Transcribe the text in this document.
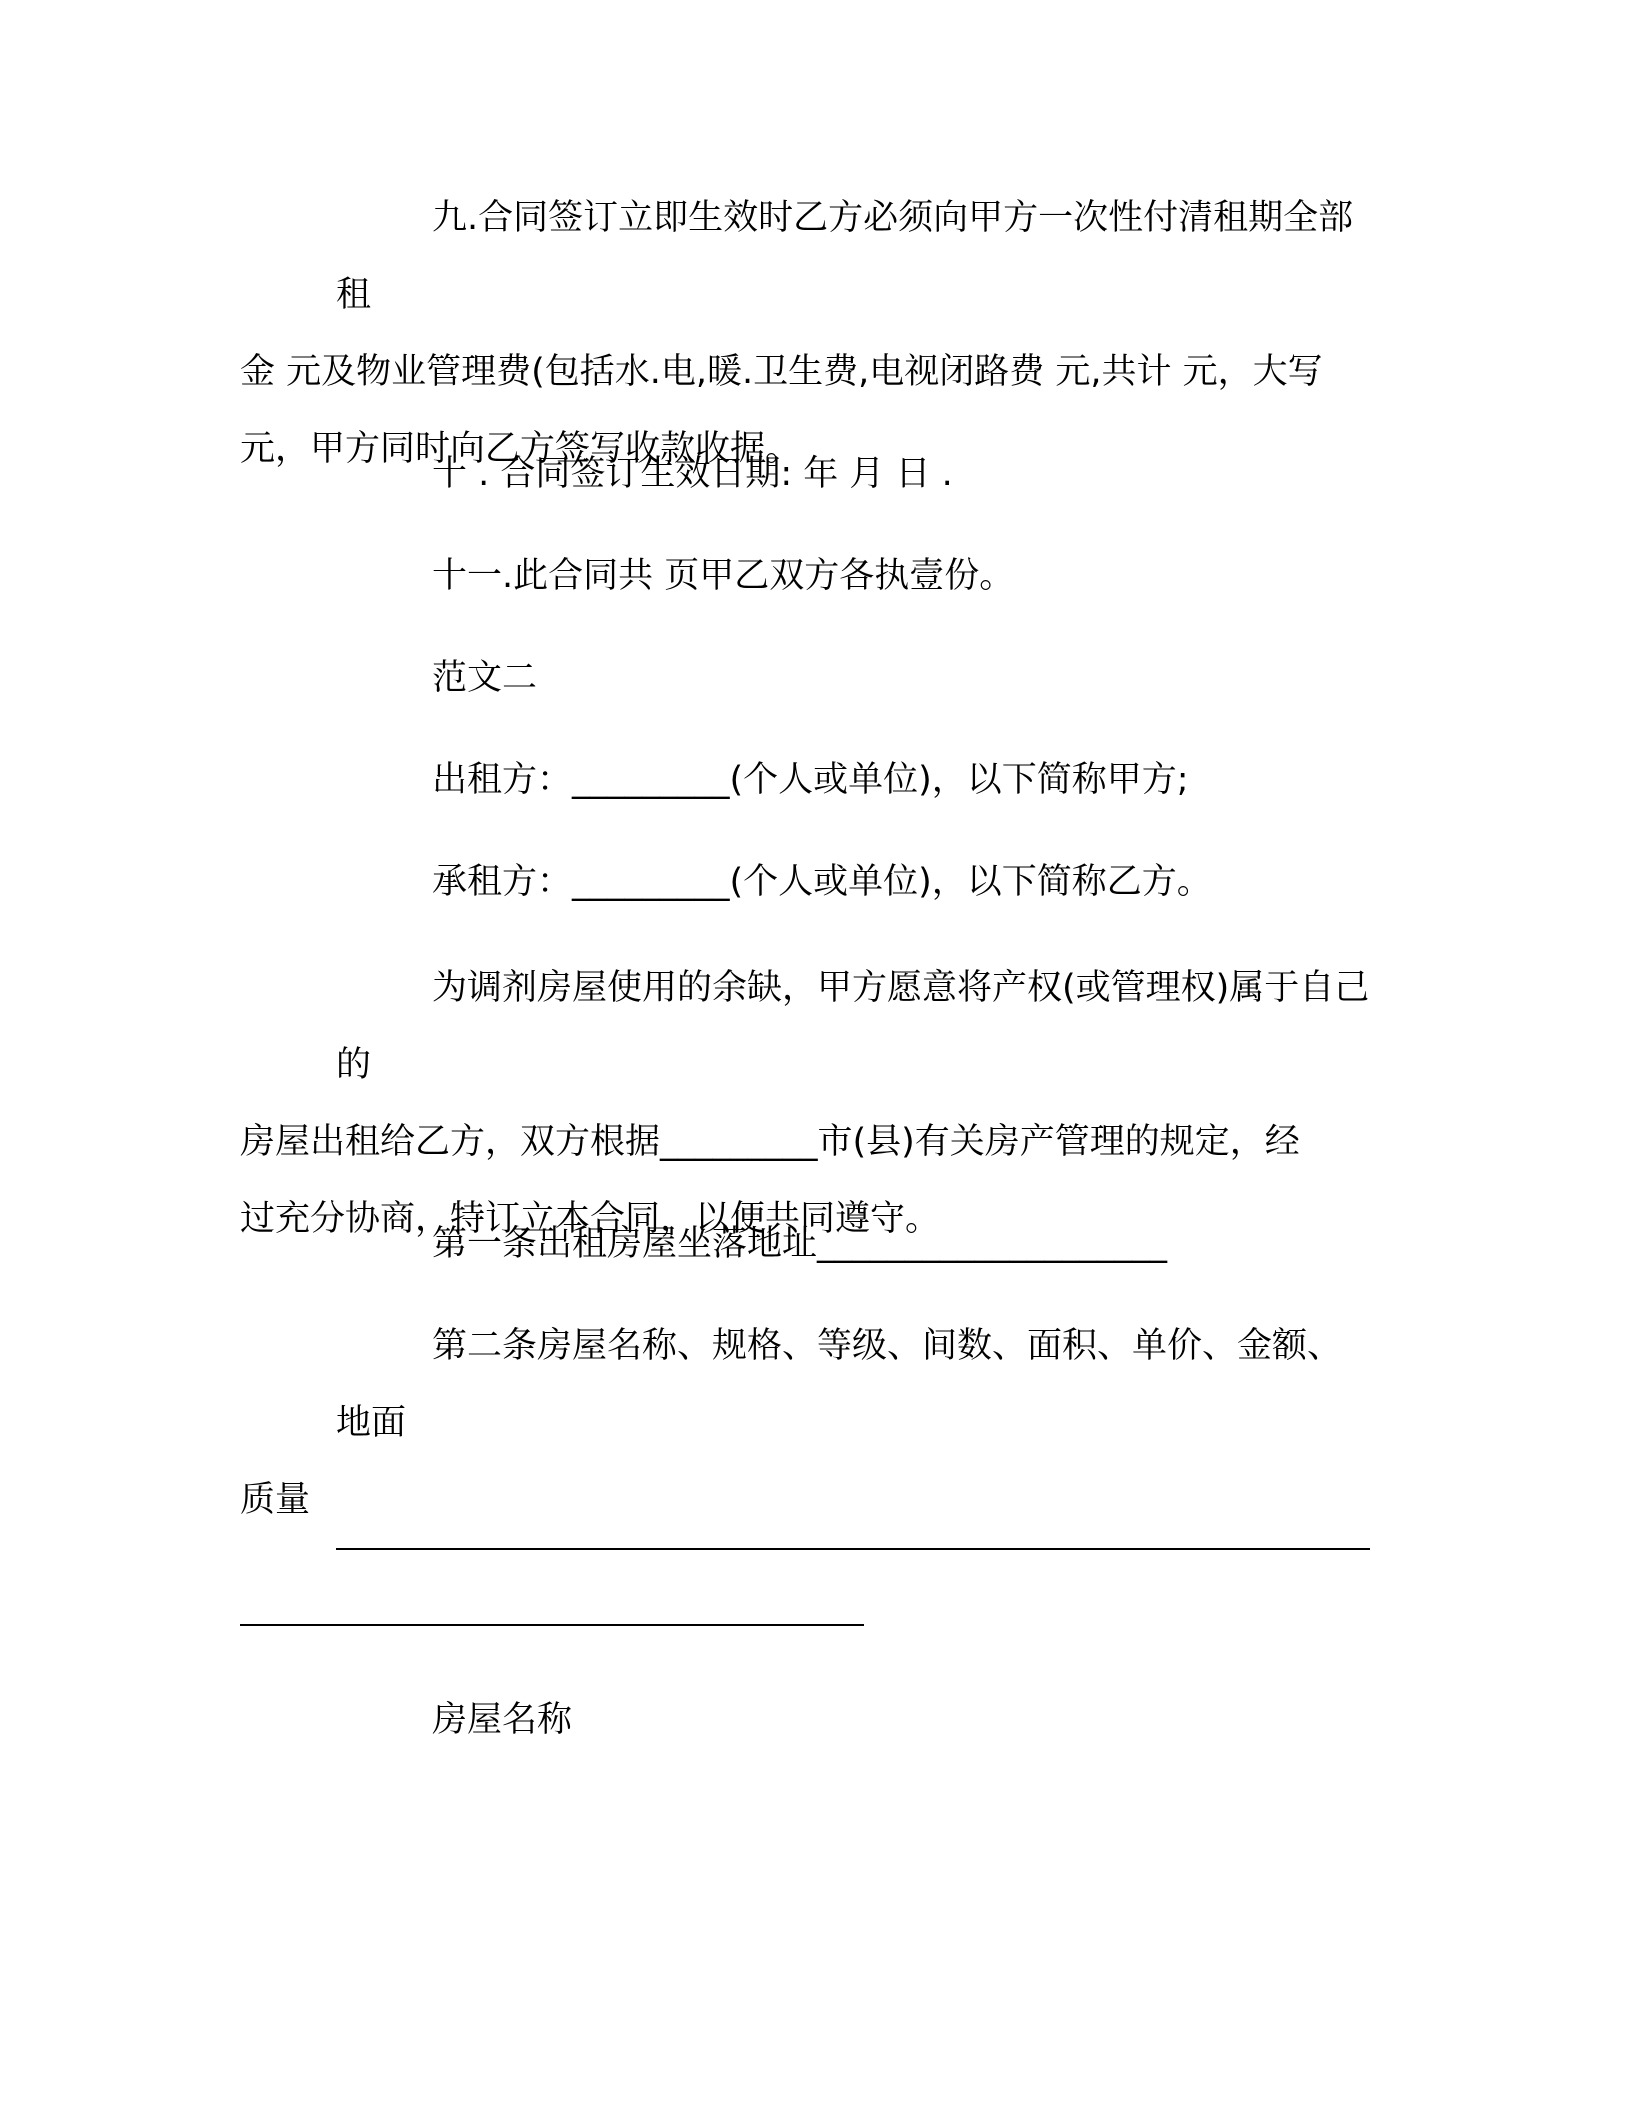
九.合同签订立即生效时乙方必须向甲方一次性付清租期全部租
金 元及物业管理费(包括水.电,暖.卫生费,电视闭路费 元,共计 元，大写
元，甲方同时向乙方签写收款收据。
十 . 合同签订生效日期: 年 月 日 .
十一.此合同共 页甲乙双方各执壹份。
范文二
出租方：_________(个人或单位)，以下简称甲方;
承租方：_________(个人或单位)，以下简称乙方。
为调剂房屋使用的余缺，甲方愿意将产权(或管理权)属于自己的
房屋出租给乙方，双方根据_________市(县)有关房产管理的规定，经
过充分协商，特订立本合同，以便共同遵守。
第一条出租房屋坐落地址____________________
第二条房屋名称、规格、等级、间数、面积、单价、金额、地面
质量
房屋名称
